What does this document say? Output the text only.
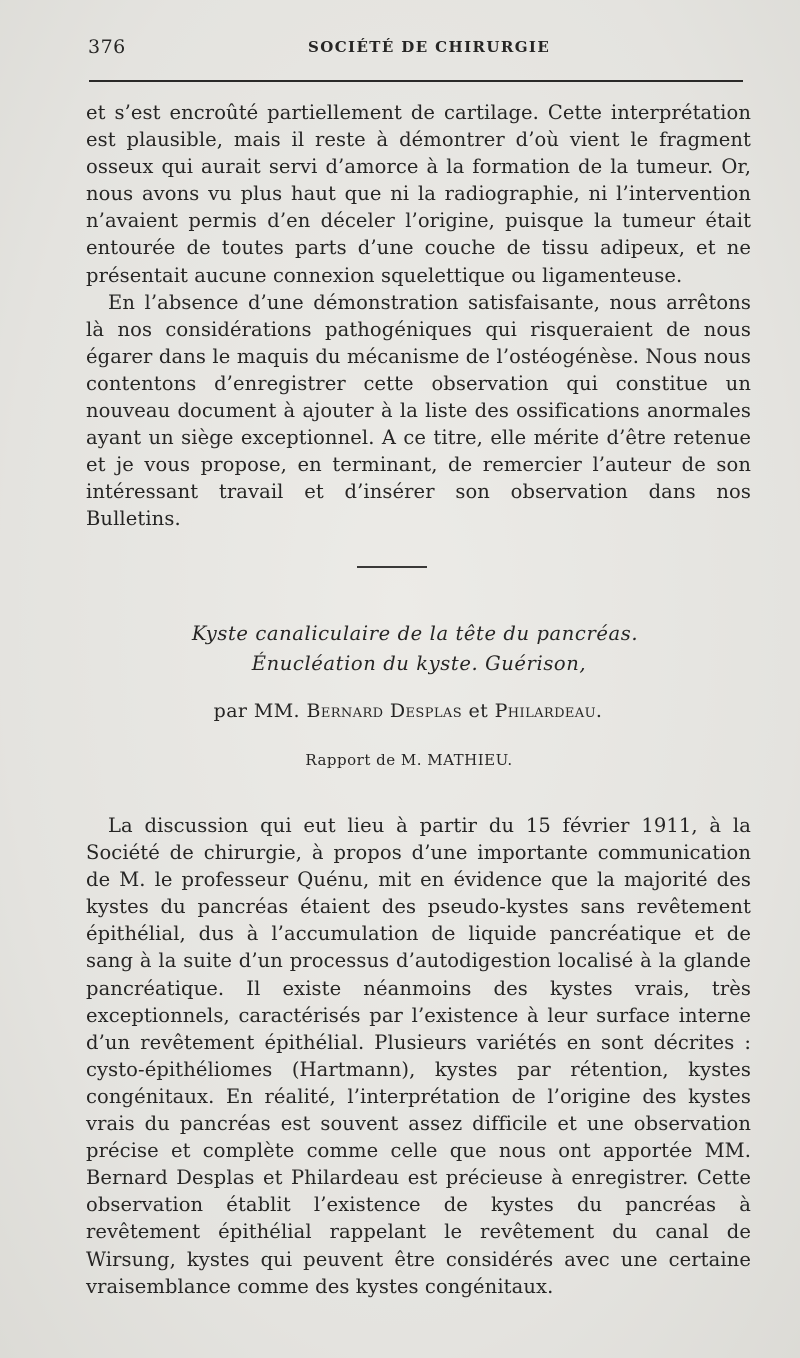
376	SOCIÉTÉ DE CHIRURGIE

et s’est encroûté partiellement de cartilage. Cette interprétation est plausible, mais il reste à démontrer d’où vient le fragment osseux qui aurait servi d’amorce à la formation de la tumeur. Or, nous avons vu plus haut que ni la radiographie, ni l’intervention n’avaient permis d’en déceler l’origine, puisque la tumeur était entourée de toutes parts d’une couche de tissu adipeux, et ne présentait aucune connexion squelettique ou ligamenteuse.

En l’absence d’une démonstration satisfaisante, nous arrêtons là nos considérations pathogéniques qui risqueraient de nous égarer dans le maquis du mécanisme de l’ostéogénèse. Nous nous contentons d’enregistrer cette observation qui constitue un nouveau document à ajouter à la liste des ossifications anormales ayant un siège exceptionnel. A ce titre, elle mérite d’être retenue et je vous propose, en terminant, de remercier l’auteur de son intéressant travail et d’insérer son observation dans nos Bulletins.

Kyste canaliculaire de la tête du pancréas.
Énucléation du kyste. Guérison,
par MM. Bernard Desplas et Philardeau.
Rapport de M. MATHIEU.

La discussion qui eut lieu à partir du 15 février 1911, à la Société de chirurgie, à propos d’une importante communication de M. le professeur Quénu, mit en évidence que la majorité des kystes du pancréas étaient des pseudo-kystes sans revêtement épithélial, dus à l’accumulation de liquide pancréatique et de sang à la suite d’un processus d’autodigestion localisé à la glande pancréatique. Il existe néanmoins des kystes vrais, très exceptionnels, caractérisés par l’existence à leur surface interne d’un revêtement épithélial. Plusieurs variétés en sont décrites : cysto-épithéliomes (Hartmann), kystes par rétention, kystes congénitaux. En réalité, l’interprétation de l’origine des kystes vrais du pancréas est souvent assez difficile et une observation précise et complète comme celle que nous ont apportée MM. Bernard Desplas et Philardeau est précieuse à enregistrer. Cette observation établit l’existence de kystes du pancréas à revêtement épithélial rappelant le revêtement du canal de Wirsung, kystes qui peuvent être considérés avec une certaine vraisemblance comme des kystes congénitaux.
